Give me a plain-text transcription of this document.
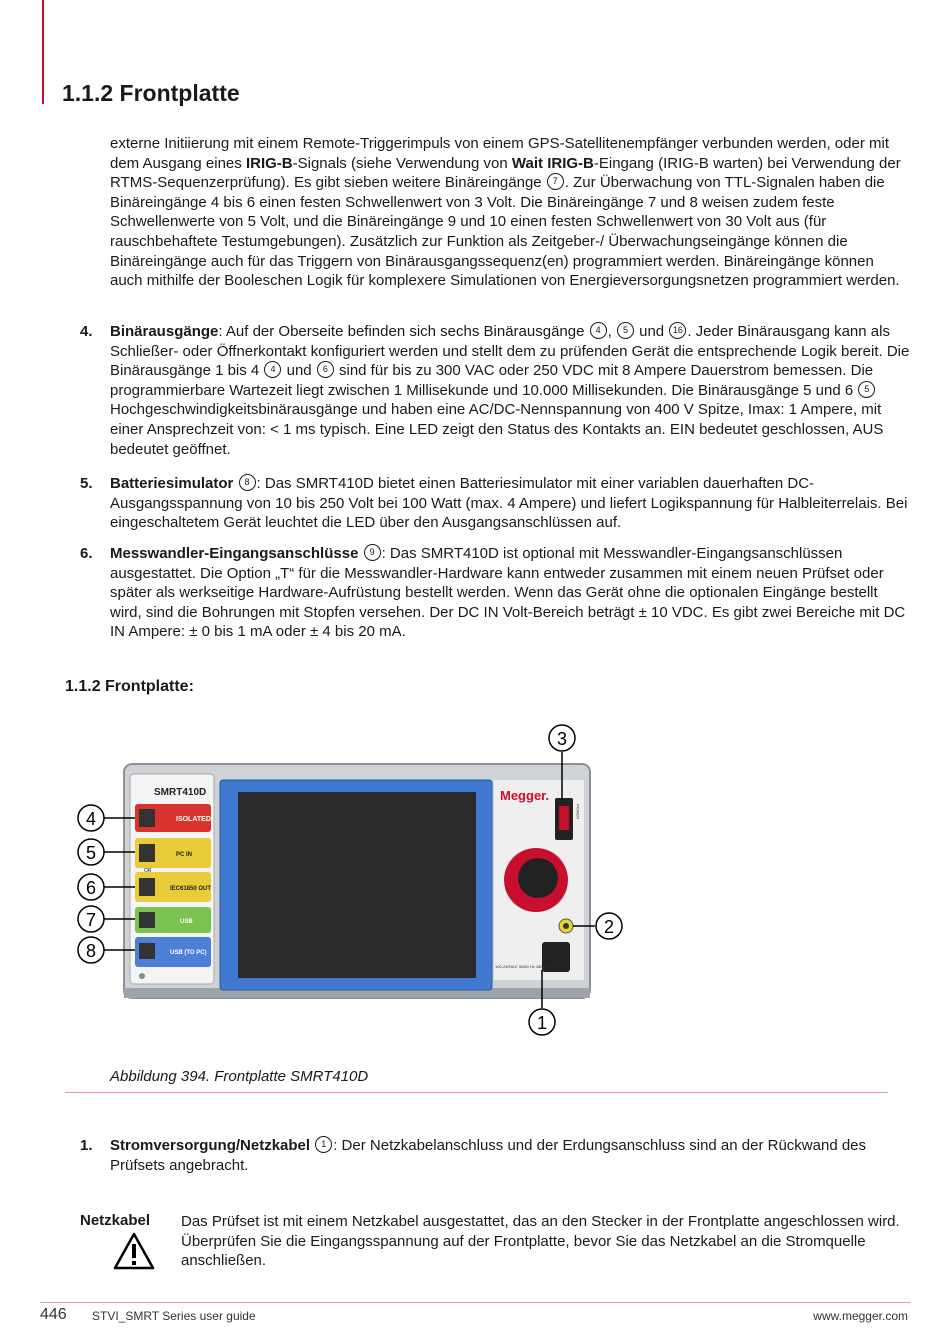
1.1.2 Frontplatte

externe Initiierung mit einem Remote-Triggerimpuls von einem GPS-Satellitenempfänger verbunden werden, oder mit dem Ausgang eines IRIG-B-Signals (siehe Verwendung von Wait IRIG-B-Eingang (IRIG-B warten) bei Verwendung der RTMS-Sequenzerprüfung). Es gibt sieben weitere Binäreingänge 7 . Zur Überwachung von TTL-Signalen haben die Binäreingänge 4 bis 6 einen festen Schwellenwert von 3 Volt. Die Binäreingänge 7 und 8 weisen zudem feste Schwellenwerte von 5 Volt, und die Binäreingänge 9 und 10 einen festen Schwellenwert von 30 Volt aus (für rauschbehaftete Testumgebungen). Zusätzlich zur Funktion als Zeitgeber-/ Überwachungseingänge können die Binäreingänge auch für das Triggern von Binärausgangssequenz(en) programmiert werden. Binäreingänge können auch mithilfe der Booleschen Logik für komplexere Simulationen von Energieversorgungsnetzen programmiert werden.

4. Binärausgänge: Auf der Oberseite befinden sich sechs Binärausgänge 4 , 5 und 16 . Jeder Binärausgang kann als Schließer- oder Öffnerkontakt konfiguriert werden und stellt dem zu prüfenden Gerät die entsprechende Logik bereit. Die Binärausgänge 1 bis 4 4 und 6 sind für bis zu 300 VAC oder 250 VDC mit 8 Ampere Dauerstrom bemessen. Die programmierbare Wartezeit liegt zwischen 1 Millisekunde und 10.000 Millisekunden. Die Binärausgänge 5 und 6 5 Hochgeschwindigkeitsbinärausgänge und haben eine AC/DC-Nennspannung von 400 V Spitze, Imax: 1 Ampere, mit einer Ansprechzeit von: < 1 ms typisch. Eine LED zeigt den Status des Kontakts an. EIN bedeutet geschlossen, AUS bedeutet geöffnet.
5. Batteriesimulator 8 : Das SMRT410D bietet einen Batteriesimulator mit einer variablen dauerhaften DC-Ausgangsspannung von 10 bis 250 Volt bei 100 Watt (max. 4 Ampere) und liefert Logikspannung für Halbleiterrelais. Bei eingeschaltetem Gerät leuchtet die LED über den Ausgangsanschlüssen auf.
6. Messwandler-Eingangsanschlüsse 9 : Das SMRT410D ist optional mit Messwandler-Eingangsanschlüssen ausgestattet. Die Option „T“ für die Messwandler-Hardware kann entweder zusammen mit einem neuen Prüfset oder später als werkseitige Hardware-Aufrüstung bestellt werden. Wenn das Gerät ohne die optionalen Eingänge bestellt wird, sind die Bohrungen mit Stopfen versehen. Der DC IN Volt-Bereich beträgt ± 10 VDC. Es gibt zwei Bereiche mit DC IN Ampere: ± 0 bis 1 mA oder ± 4 bis 20 mA.
1.1.2 Frontplatte:
SMRT410D
ISOLATED
PC IN
OR
IEC61850 OUT
USB
USB (TO PC)
Megger.
POWER
100-240VAC 50/60 Hz 1800 VA
1
2
3
4
5
6
7
8
Abbildung 394. Frontplatte SMRT410D
1. Stromversorgung/Netzkabel 1 : Der Netzkabelanschluss und der Erdungsanschluss sind an der Rückwand des Prüfsets angebracht.
Netzkabel Das Prüfset ist mit einem Netzkabel ausgestattet, das an den Stecker in der Frontplatte angeschlossen wird. Überprüfen Sie die Eingangsspannung auf der Frontplatte, bevor Sie das Netzkabel an die Stromquelle anschließen.
446 STVI_SMRT Series user guide	www.megger.com
